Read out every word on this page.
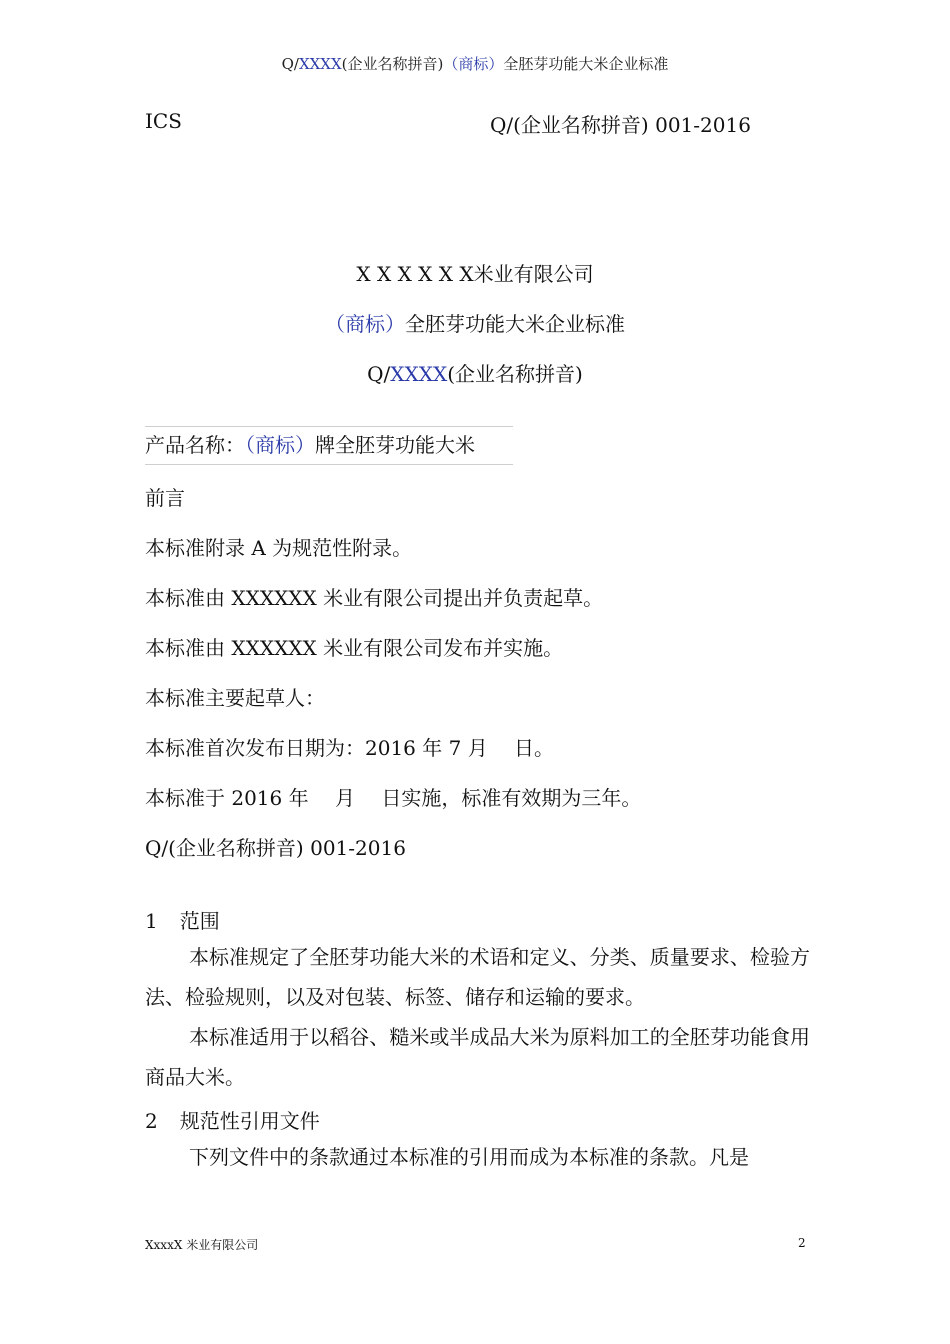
Q/XXXX(企业名称拼音)（商标）全胚芽功能大米企业标准
ICS	Q/(企业名称拼音) 001-2016
X X X X X X米业有限公司
（商标）全胚芽功能大米企业标准
Q/XXXX(企业名称拼音)
产品名称：（商标）牌全胚芽功能大米
前言
本标准附录 A 为规范性附录。
本标准由 XXXXXX 米业有限公司提出并负责起草。
本标准由 XXXXXX 米业有限公司发布并实施。
本标准主要起草人：
本标准首次发布日期为：2016 年 7 月　 日。
本标准于 2016 年　 月　 日实施，标准有效期为三年。
Q/(企业名称拼音) 001-2016
1 范围
本标准规定了全胚芽功能大米的术语和定义、分类、质量要求、检验方法、检验规则，以及对包装、标签、储存和运输的要求。
本标准适用于以稻谷、糙米或半成品大米为原料加工的全胚芽功能食用商品大米。
2 规范性引用文件
下列文件中的条款通过本标准的引用而成为本标准的条款。凡是
XxxxX 米业有限公司	2
